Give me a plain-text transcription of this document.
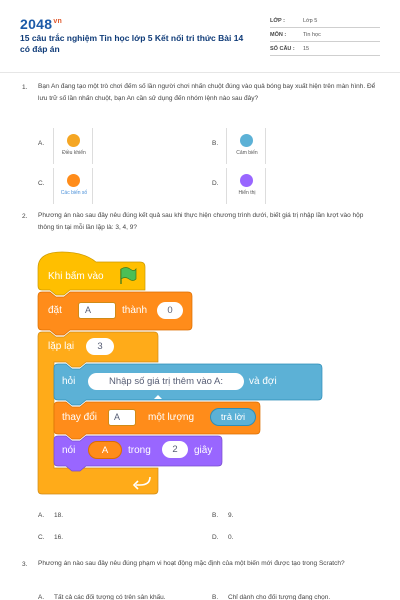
$2048^{vn}$
15 câu trắc nghiệm Tin học lớp 5 Kết nối tri thức Bài 14 có đáp án
LỚP :	Lớp 5
MÔN :	Tin học
SỐ CÂU :	15
1. Bạn An đang tạo một trò chơi đếm số lần người chơi nhấn chuột đúng vào quả bóng bay xuất hiện trên màn hình. Để lưu trữ số lần nhấn chuột, bạn An cần sử dụng đến nhóm lệnh nào sau đây?
A.
Điều khiển
B.
Cảm biến
C.
Các biến số
D.
Hiển thị
2. Phương án nào sau đây nêu đúng kết quả sau khi thực hiện chương trình dưới, biết giá trị nhập lần lượt vào hộp thông tin tại mỗi lần lặp là: 3, 4, 9?
Khi bấm vào
đặt	A	thành	0
lặp lại	3
hỏi	Nhập số giá trị thêm vào A:	và đợi
thay đổi	A	một lượng	trả lời
nói	A	trong	2	giây
A. 18.	B. 9.
C. 16.	D. 0.
3. Phương án nào sau đây nêu đúng phạm vi hoạt động mặc định của một biến mới được tạo trong Scratch?
A. Tất cả các đối tượng có trên sân khấu.	B. Chỉ dành cho đối tượng đang chọn.
